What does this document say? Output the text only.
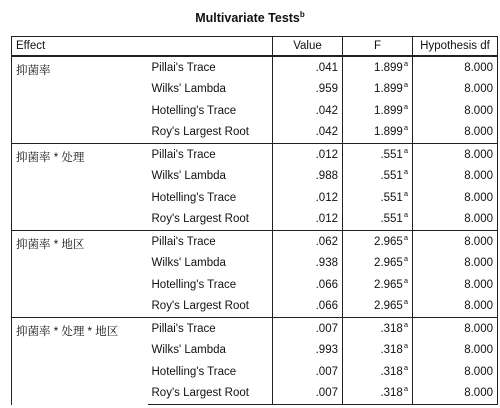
Multivariate Tests$^b$
Effect		Value	F	Hypothesis df
抑菌率	Pillai's Trace	.041	1.899$^a$	8.000
	Wilks' Lambda	.959	1.899$^a$	8.000
	Hotelling's Trace	.042	1.899$^a$	8.000
	Roy's Largest Root	.042	1.899$^a$	8.000
抑菌率 * 处理	Pillai's Trace	.012	.551$^a$	8.000
	Wilks' Lambda	.988	.551$^a$	8.000
	Hotelling's Trace	.012	.551$^a$	8.000
	Roy's Largest Root	.012	.551$^a$	8.000
抑菌率 * 地区	Pillai's Trace	.062	2.965$^a$	8.000
	Wilks' Lambda	.938	2.965$^a$	8.000
	Hotelling's Trace	.066	2.965$^a$	8.000
	Roy's Largest Root	.066	2.965$^a$	8.000
抑菌率 * 处理 * 地区	Pillai's Trace	.007	.318$^a$	8.000
	Wilks' Lambda	.993	.318$^a$	8.000
	Hotelling's Trace	.007	.318$^a$	8.000
	Roy's Largest Root	.007	.318$^a$	8.000
